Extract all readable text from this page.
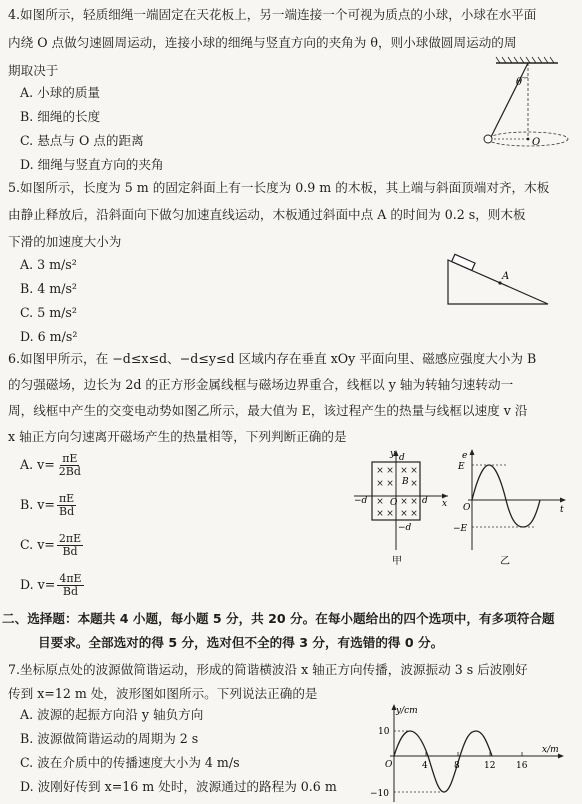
4.如图所示，轻质细绳一端固定在天花板上，另一端连接一个可视为质点的小球，小球在水平面
内绕 O 点做匀速圆周运动，连接小球的细绳与竖直方向的夹角为 θ，则小球做圆周运动的周
期取决于
A. 小球的质量
B. 细绳的长度
C. 悬点与 O 点的距离
D. 细绳与竖直方向的夹角
θ
O
5.如图所示，长度为 5 m 的固定斜面上有一长度为 0.9 m 的木板，其上端与斜面顶端对齐，木板
由静止释放后，沿斜面向下做匀加速直线运动，木板通过斜面中点 A 的时间为 0.2 s，则木板
下滑的加速度大小为
A. 3 m/s²
B. 4 m/s²
C. 5 m/s²
D. 6 m/s²
A
6.如图甲所示，在 −d≤x≤d、−d≤y≤d 区域内存在垂直 xOy 平面向里、磁感应强度大小为 B
的匀强磁场，边长为 2d 的正方形金属线框与磁场边界重合，线框以 y 轴为转轴匀速转动一
周，线框中产生的交变电动势如图乙所示，最大值为 E，该过程产生的热量与线框以速度 v 沿
x 轴正方向匀速离开磁场产生的热量相等，下列判断正确的是
A. $v= \frac{\pi E}{2Bd}$
B. $v= \frac{\pi E}{Bd}$
C. $v= \frac{2\pi E}{Bd}$
D. $v= \frac{4\pi E}{Bd}$
× × × ×
× × ×
× × ×
× × × ×
y d
B
−d	O	d x
−d
甲
e
E
−E
O	t
乙
二、选择题：本题共 4 小题，每小题 5 分，共 20 分。在每小题给出的四个选项中，有多项符合题
目要求。全部选对的得 5 分，选对但不全的得 3 分，有选错的得 0 分。
7.坐标原点处的波源做简谐运动，形成的简谐横波沿 x 轴正方向传播，波源振动 3 s 后波刚好
传到 x=12 m 处，波形图如图所示。下列说法正确的是
A. 波源的起振方向沿 y 轴负方向
B. 波源做简谐运动的周期为 2 s
C. 波在介质中的传播速度大小为 4 m/s
D. 波刚好传到 x=16 m 处时，波源通过的路程为 0.6 m
y/cm
x/m
10
−10
O	4	8	12 16
